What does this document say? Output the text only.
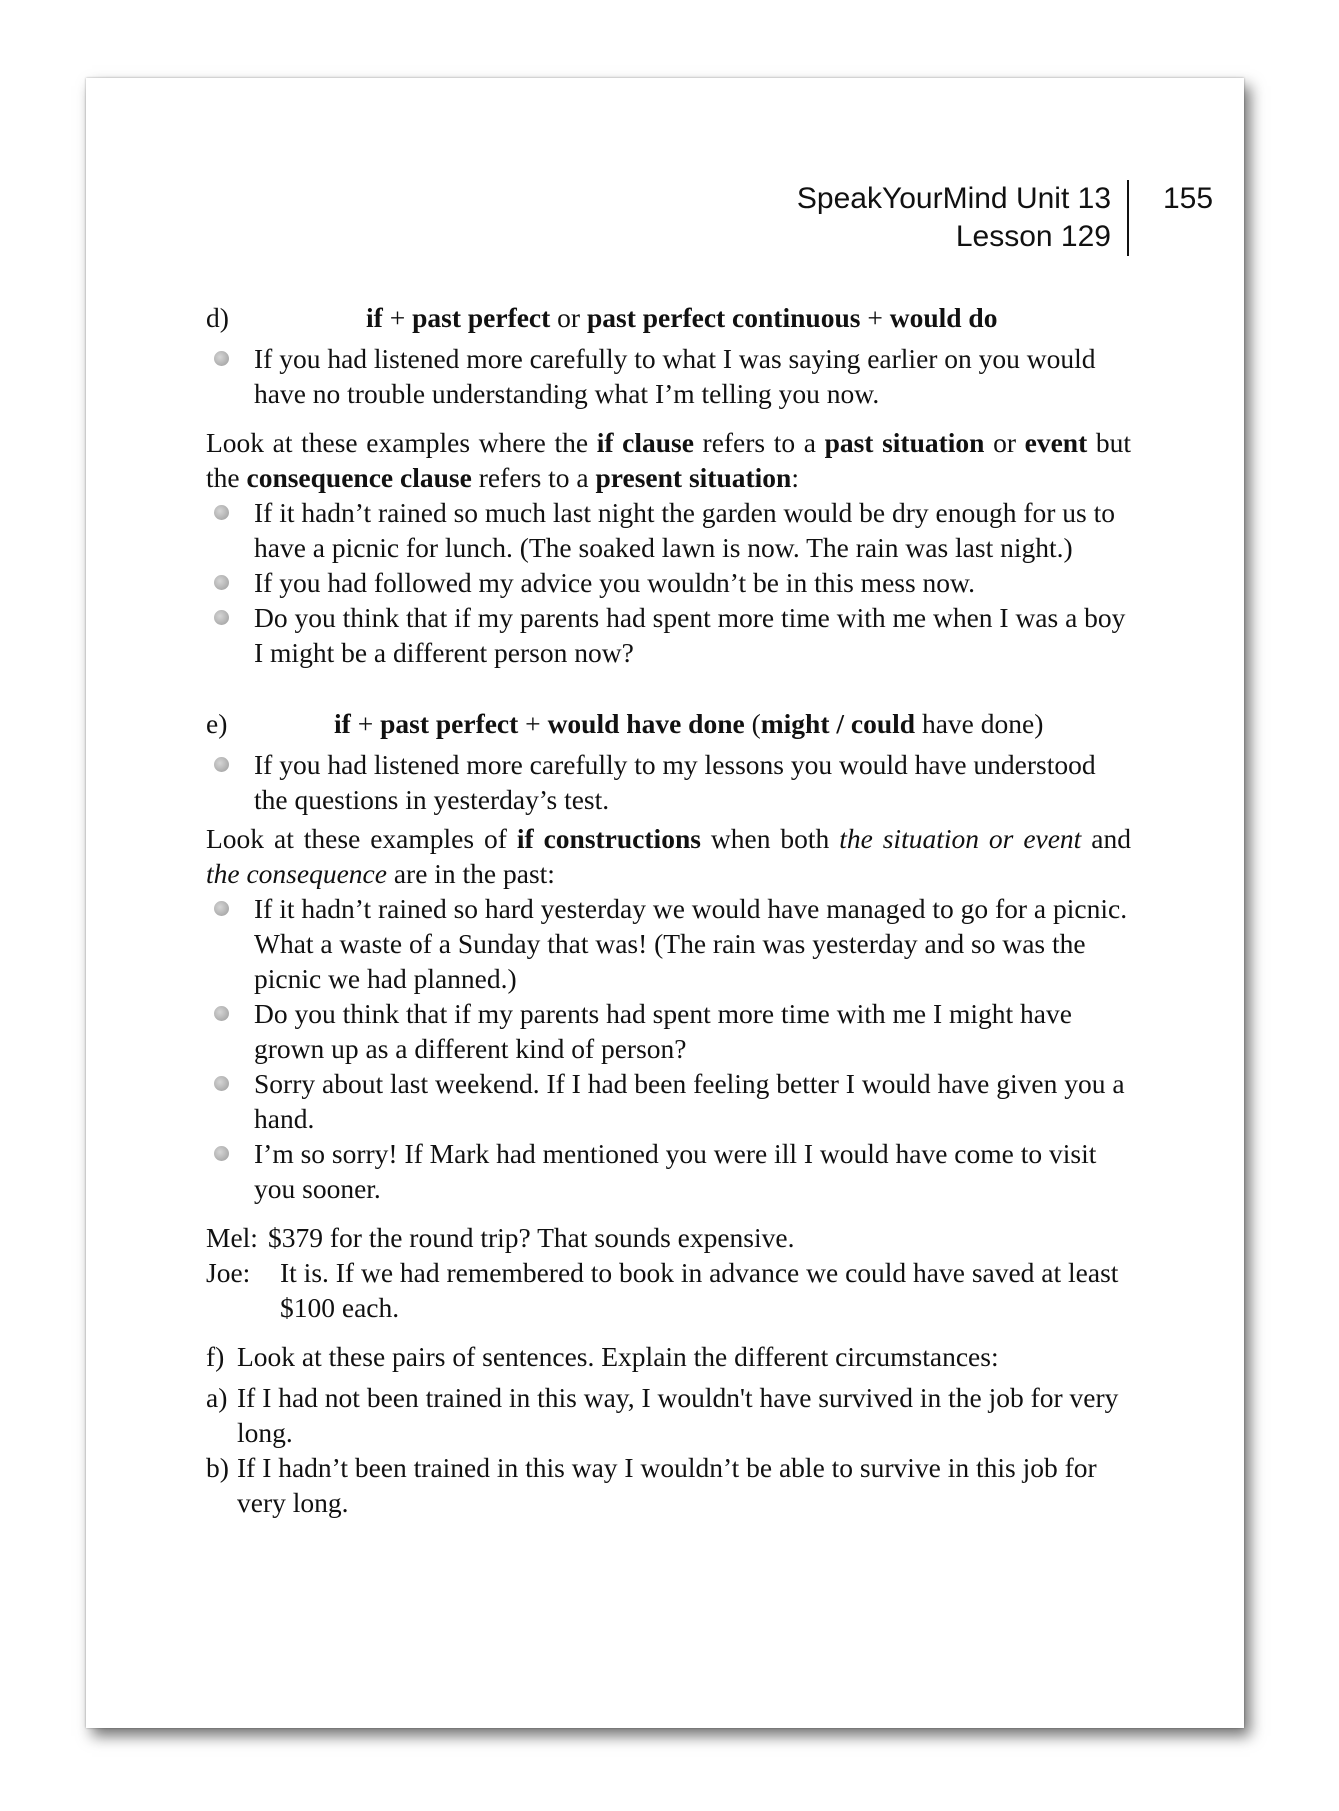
SpeakYourMind Unit 13
Lesson 129
155
d)	if + past perfect or past perfect continuous + would do
If you had listened more carefully to what I was saying earlier on you would have no trouble understanding what I’m telling you now.

Look at these examples where the if clause refers to a past situation or event but the consequence clause refers to a present situation:

If it hadn’t rained so much last night the garden would be dry enough for us to have a picnic for lunch. (The soaked lawn is now. The rain was last night.)
If you had followed my advice you wouldn’t be in this mess now.
Do you think that if my parents had spent more time with me when I was a boy I might be a different person now?
e)	if + past perfect + would have done (might / could have done)
If you had listened more carefully to my lessons you would have understood the questions in yesterday’s test.

Look at these examples of if constructions when both the situation or event and the consequence are in the past:

If it hadn’t rained so hard yesterday we would have managed to go for a picnic. What a waste of a Sunday that was! (The rain was yesterday and so was the picnic we had planned.)
Do you think that if my parents had spent more time with me I might have grown up as a different kind of person?
Sorry about last weekend. If I had been feeling better I would have given you a hand.
I’m so sorry! If Mark had mentioned you were ill I would have come to visit you sooner.
Mel: $379 for the round trip? That sounds expensive.
Joe:	It is. If we had remembered to book in advance we could have saved at least $100 each.
f) Look at these pairs of sentences. Explain the different circumstances:
a) If I had not been trained in this way, I wouldn't have survived in the job for very long.
b) If I hadn’t been trained in this way I wouldn’t be able to survive in this job for very long.
